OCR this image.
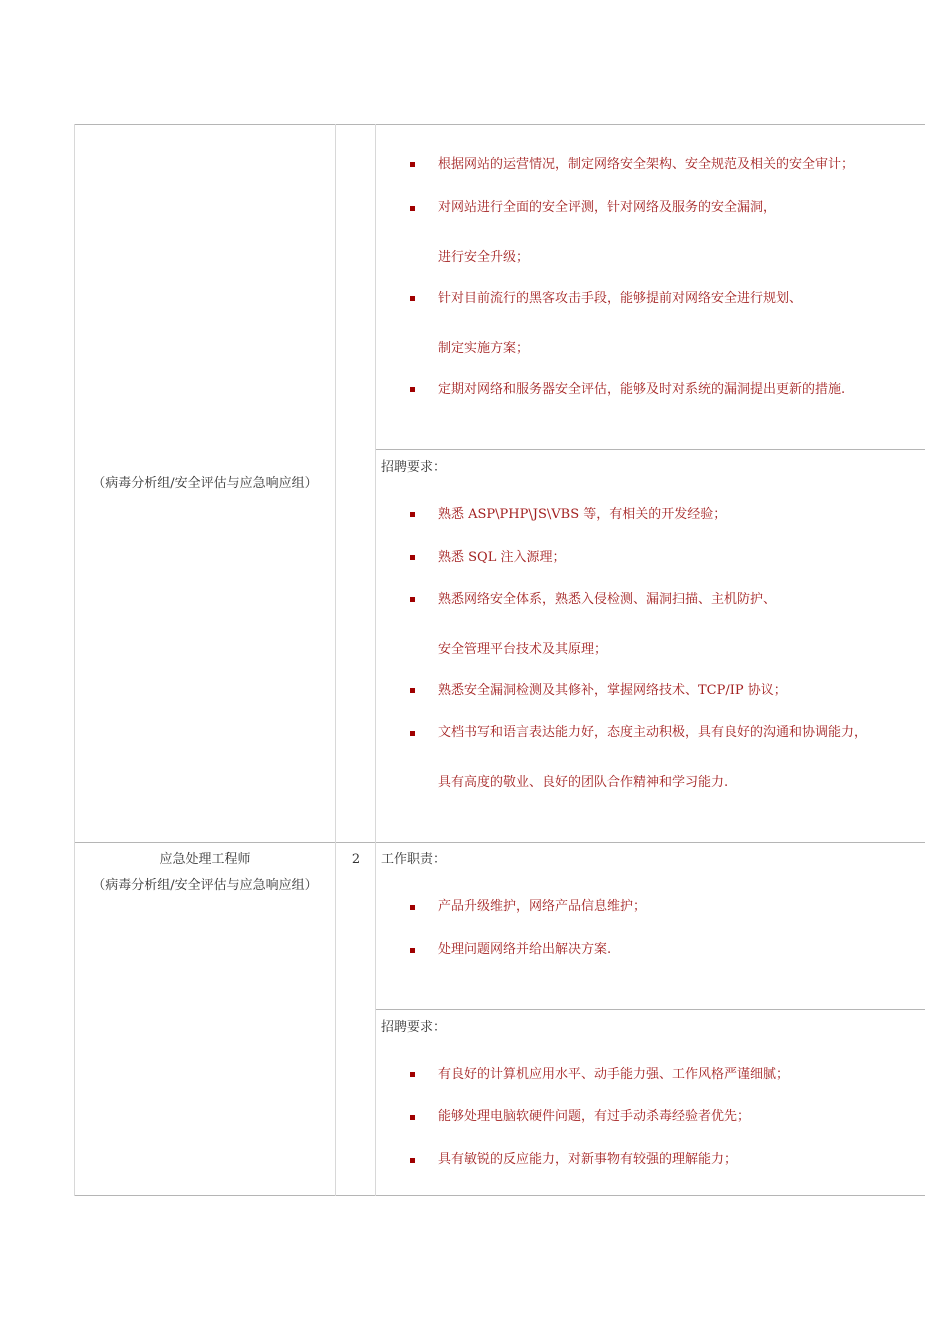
（病毒分析组/安全评估与应急响应组）
根据网站的运营情况，制定网络安全架构、安全规范及相关的安全审计；
对网站进行全面的安全评测，针对网络及服务的安全漏洞，
进行安全升级；
针对目前流行的黑客攻击手段，能够提前对网络安全进行规划、
制定实施方案；
定期对网络和服务器安全评估，能够及时对系统的漏洞提出更新的措施.
招聘要求：
熟悉 ASP\PHP\JS\VBS 等，有相关的开发经验；
熟悉 SQL 注入源理；
熟悉网络安全体系，熟悉入侵检测、漏洞扫描、主机防护、
安全管理平台技术及其原理；
熟悉安全漏洞检测及其修补，掌握网络技术、TCP/IP 协议；
文档书写和语言表达能力好，态度主动积极，具有良好的沟通和协调能力，
具有高度的敬业、良好的团队合作精神和学习能力.
应急处理工程师
（病毒分析组/安全评估与应急响应组）
2	工作职责：
产品升级维护，网络产品信息维护；
处理问题网络并给出解决方案.
招聘要求：
有良好的计算机应用水平、动手能力强、工作风格严谨细腻；
能够处理电脑软硬件问题，有过手动杀毒经验者优先；
具有敏锐的反应能力，对新事物有较强的理解能力；
